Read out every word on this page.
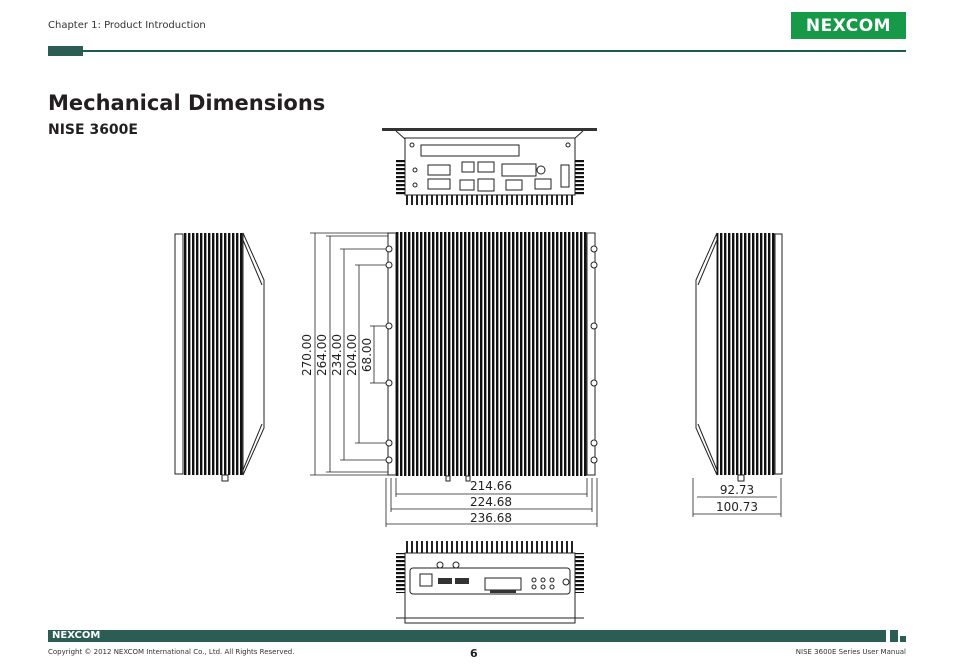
Chapter 1: Product Introduction	NEXCOM
Mechanical Dimensions
NISE 3600E
270.00 264.00 234.00 204.00 68.00
214.66
224.68
236.68
92.73
100.73
NEXCOM
Copyright © 2012 NEXCOM International Co., Ltd. All Rights Reserved.	6	NISE 3600E Series User Manual
